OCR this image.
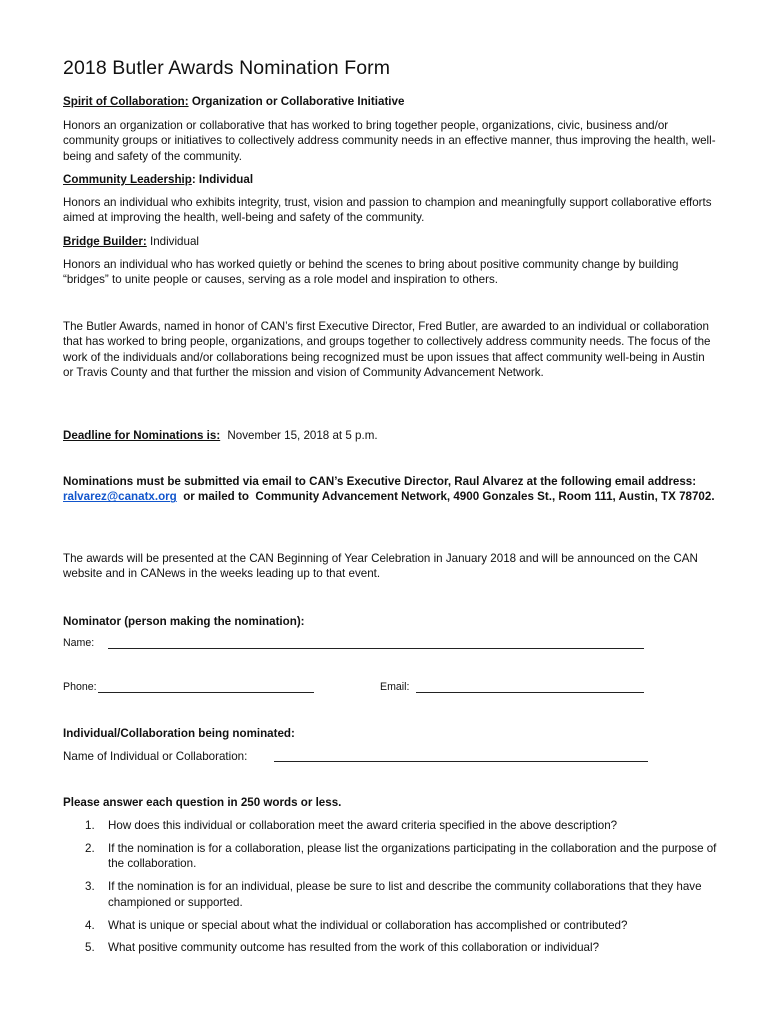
2018 Butler Awards Nomination Form
Spirit of Collaboration: Organization or Collaborative Initiative
Honors an organization or collaborative that has worked to bring together people, organizations, civic, business and/or community groups or initiatives to collectively address community needs in an effective manner, thus improving the health, well-being and safety of the community.
Community Leadership: Individual
Honors an individual who exhibits integrity, trust, vision and passion to champion and meaningfully support collaborative efforts aimed at improving the health, well-being and safety of the community.
Bridge Builder: Individual
Honors an individual who has worked quietly or behind the scenes to bring about positive community change by building “bridges” to unite people or causes, serving as a role model and inspiration to others.
The Butler Awards, named in honor of CAN’s first Executive Director, Fred Butler, are awarded to an individual or collaboration that has worked to bring people, organizations, and groups together to collectively address community needs. The focus of the work of the individuals and/or collaborations being recognized must be upon issues that affect community well-being in Austin or Travis County and that further the mission and vision of Community Advancement Network.
Deadline for Nominations is: November 15, 2018 at 5 p.m.
Nominations must be submitted via email to CAN’s Executive Director, Raul Alvarez at the following email address: ralvarez@canatx.org  or mailed to  Community Advancement Network, 4900 Gonzales St., Room 111, Austin, TX 78702.
The awards will be presented at the CAN Beginning of Year Celebration in January 2018 and will be announced on the CAN website and in CANews in the weeks leading up to that event.
Nominator (person making the nomination):
Name:
Phone:	Email:
Individual/Collaboration being nominated:
Name of Individual or Collaboration:
Please answer each question in 250 words or less.
1. How does this individual or collaboration meet the award criteria specified in the above description?
2. If the nomination is for a collaboration, please list the organizations participating in the collaboration and the purpose of the collaboration.
3. If the nomination is for an individual, please be sure to list and describe the community collaborations that they have championed or supported.
4. What is unique or special about what the individual or collaboration has accomplished or contributed?
5. What positive community outcome has resulted from the work of this collaboration or individual?
